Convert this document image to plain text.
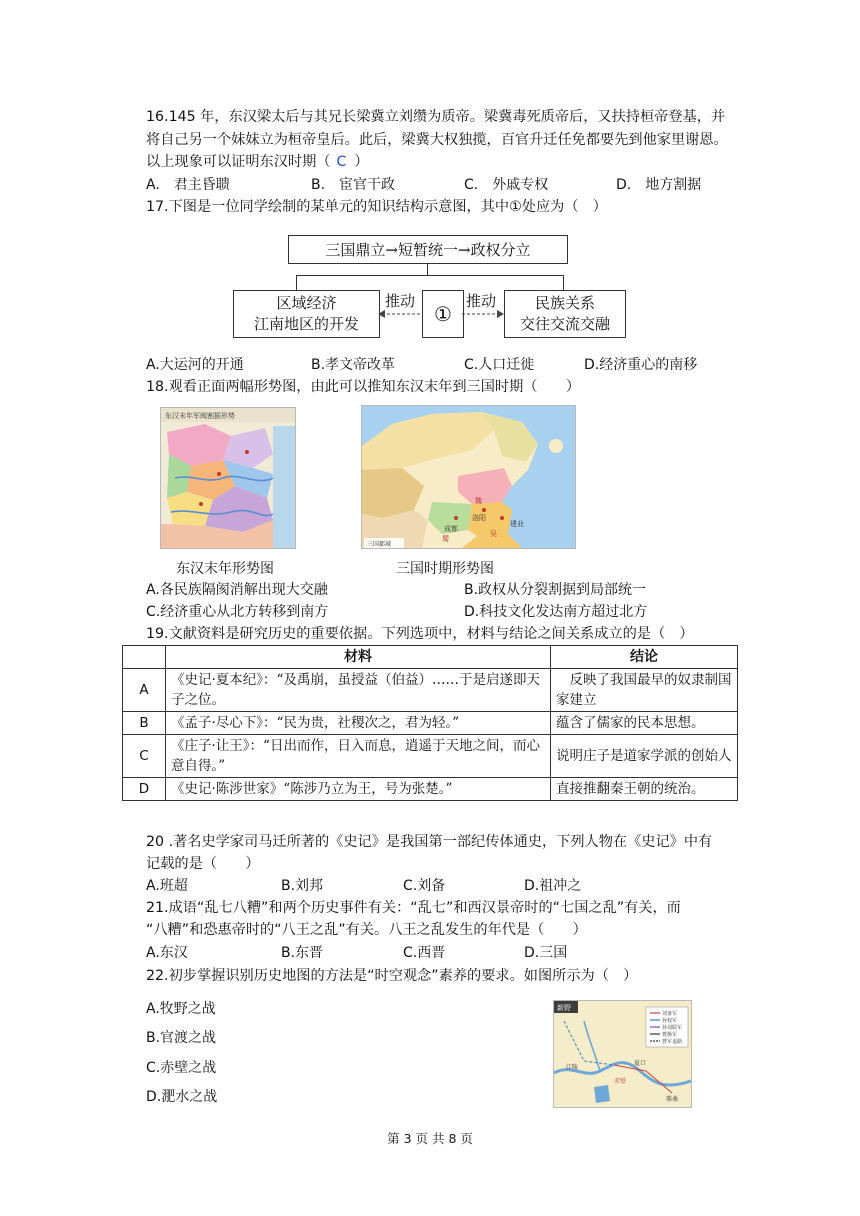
16.145 年，东汉梁太后与其兄长梁冀立刘缵为质帝。梁冀毒死质帝后，又扶持桓帝登基，并
将自己另一个妹妹立为桓帝皇后。此后，梁冀大权独揽，百官升迁任免都要先到他家里谢恩。
以上现象可以证明东汉时期（ C ）
A.　君主昏聩	B.　宦官干政	C.　外戚专权	D.　地方割据
17.下图是一位同学绘制的某单元的知识结构示意图，其中①处应为（　）
三国鼎立→短暂统一→政权分立
区域经济
江南地区的开发	①	民族关系
交往交流交融
推动	推动
A.大运河的开通	B.孝文帝改革	C.人口迁徙	D.经济重心的南移
18.观看正面两幅形势图，由此可以推知东汉末年到三国时期（　　）
东汉末年军阀割据形势
东汉末年形势图
魏
成都
洛阳
蜀
建业
吴
三国都城
三国时期形势图
A.各民族隔阂消解出现大交融	B.政权从分裂割据到局部统一
C.经济重心从北方转移到南方	D.科技文化发达南方超过北方
19.文献资料是研究历史的重要依据。下列选项中，材料与结论之间关系成立的是（　）
	材料	结论
A	《史记·夏本纪》：“及禹崩，虽授益（伯益）……于是启遂即天子之位。	　反映了我国最早的奴隶制国家建立
B	《孟子·尽心下》：“民为贵，社稷次之，君为轻。”	蕴含了儒家的民本思想。
C	《庄子·让王》：“日出而作，日入而息，逍遥于天地之间，而心意自得。”	说明庄子是道家学派的创始人
D	《史记·陈涉世家》“陈涉乃立为王，号为张楚。”	直接推翻秦王朝的统治。
20 .著名史学家司马迁所著的《史记》是我国第一部纪传体通史，下列人物在《史记》中有
记载的是（　　）
A.班超	B.刘邦	C.刘备	D.祖冲之
21.成语“乱七八糟”和两个历史事件有关：“乱七”和西汉景帝时的“七国之乱”有关，而
“八糟”和恐惠帝时的“八王之乱”有关。八王之乱发生的年代是（　　）
A.东汉	B.东晋	C.西晋	D.三国
22.初步掌握识别历史地图的方法是“时空观念”素养的要求。如图所示为（　）
A.牧野之战
B.官渡之战
C.赤壁之战
D.淝水之战
新野
刘备军
孙权军
孙刘联军
曹操军
曹军退路
江陵
夏口
赤壁
柴桑
第 3 页 共 8 页
